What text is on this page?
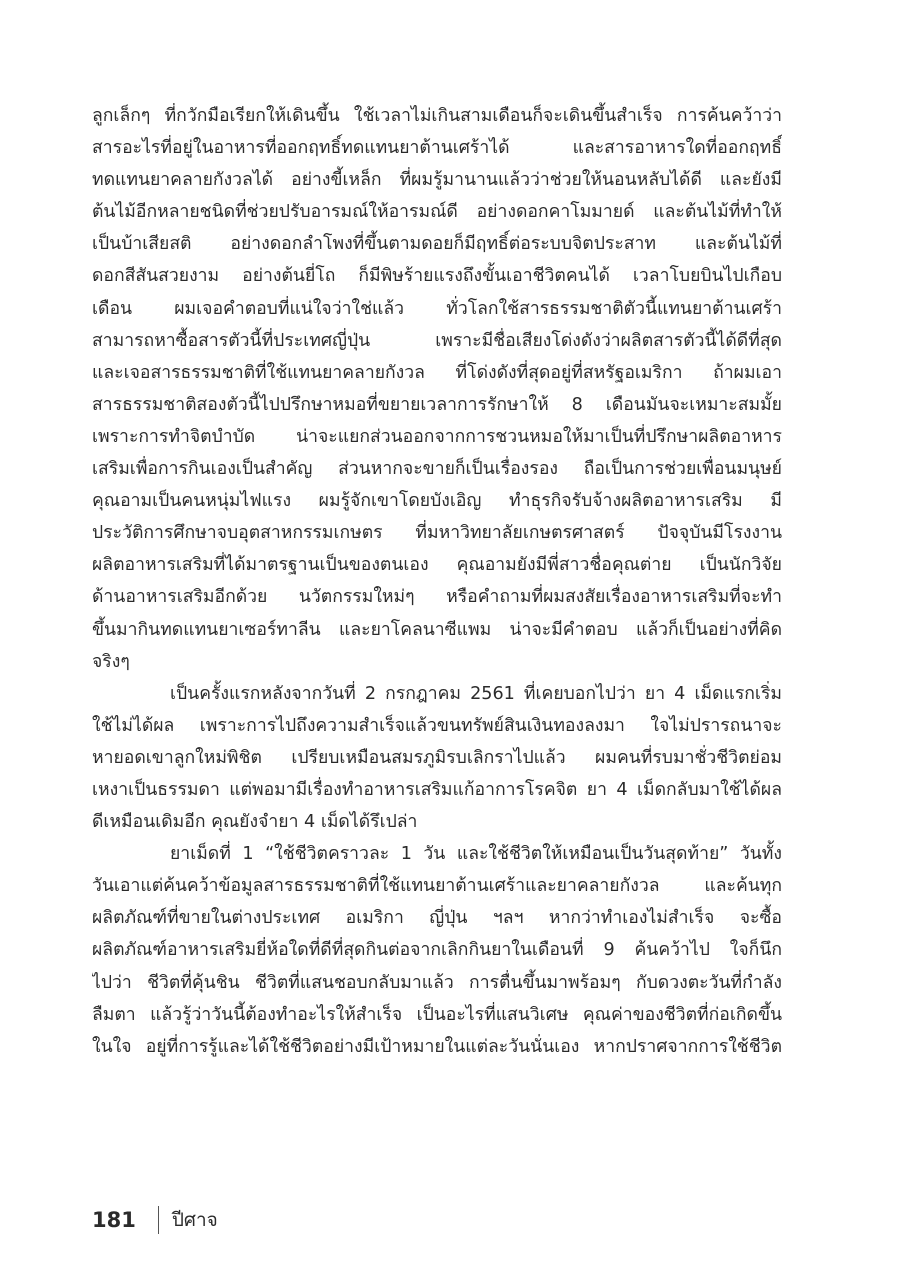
ลูกเล็กๆ ที่กวักมือเรียกให้เดินขึ้น ใช้เวลาไม่เกินสามเดือนก็จะเดินขึ้นสำเร็จ การค้นคว้าว่า
สารอะไรที่อยู่ในอาหารที่ออกฤทธิ์ทดแทนยาต้านเศร้าได้ และสารอาหารใดที่ออกฤทธิ์
ทดแทนยาคลายกังวลได้ อย่างขี้เหล็ก ที่ผมรู้มานานแล้วว่าช่วยให้นอนหลับได้ดี และยังมี
ต้นไม้อีกหลายชนิดที่ช่วยปรับอารมณ์ให้อารมณ์ดี อย่างดอกคาโมมายด์ และต้นไม้ที่ทำให้
เป็นบ้าเสียสติ อย่างดอกลำโพงที่ขึ้นตามดอยก็มีฤทธิ์ต่อระบบจิตประสาท และต้นไม้ที่
ดอกสีสันสวยงาม อย่างต้นยี่โถ ก็มีพิษร้ายแรงถึงขั้นเอาชีวิตคนได้ เวลาโบยบินไปเกือบ
เดือน ผมเจอคำตอบที่แน่ใจว่าใช่แล้ว ทั่วโลกใช้สารธรรมชาติตัวนี้แทนยาต้านเศร้า
สามารถหาซื้อสารตัวนี้ที่ประเทศญี่ปุ่น เพราะมีชื่อเสียงโด่งดังว่าผลิตสารตัวนี้ได้ดีที่สุด
และเจอสารธรรมชาติที่ใช้แทนยาคลายกังวล ที่โด่งดังที่สุดอยู่ที่สหรัฐอเมริกา ถ้าผมเอา
สารธรรมชาติสองตัวนี้ไปปรึกษาหมอที่ขยายเวลาการรักษาให้ 8 เดือนมันจะเหมาะสมมั้ย
เพราะการทำจิตบำบัด น่าจะแยกส่วนออกจากการชวนหมอให้มาเป็นที่ปรึกษาผลิตอาหาร
เสริมเพื่อการกินเองเป็นสำคัญ ส่วนหากจะขายก็เป็นเรื่องรอง ถือเป็นการช่วยเพื่อนมนุษย์
คุณอามเป็นคนหนุ่มไฟแรง ผมรู้จักเขาโดยบังเอิญ ทำธุรกิจรับจ้างผลิตอาหารเสริม มี
ประวัติการศึกษาจบอุตสาหกรรมเกษตร ที่มหาวิทยาลัยเกษตรศาสตร์ ปัจจุบันมีโรงงาน
ผลิตอาหารเสริมที่ได้มาตรฐานเป็นของตนเอง คุณอามยังมีพี่สาวชื่อคุณต่าย เป็นนักวิจัย
ด้านอาหารเสริมอีกด้วย นวัตกรรมใหม่ๆ หรือคำถามที่ผมสงสัยเรื่องอาหารเสริมที่จะทำ
ขึ้นมากินทดแทนยาเซอร์ทาลีน และยาโคลนาซีแพม น่าจะมีคำตอบ แล้วก็เป็นอย่างที่คิด
จริงๆ
เป็นครั้งแรกหลังจากวันที่ 2 กรกฎาคม 2561 ที่เคยบอกไปว่า ยา 4 เม็ดแรกเริ่ม
ใช้ไม่ได้ผล เพราะการไปถึงความสำเร็จแล้วขนทรัพย์สินเงินทองลงมา ใจไม่ปรารถนาจะ
หายอดเขาลูกใหม่พิชิต เปรียบเหมือนสมรภูมิรบเลิกราไปแล้ว ผมคนที่รบมาชั่วชีวิตย่อม
เหงาเป็นธรรมดา แต่พอมามีเรื่องทำอาหารเสริมแก้อาการโรคจิต ยา 4 เม็ดกลับมาใช้ได้ผล
ดีเหมือนเดิมอีก คุณยังจำยา 4 เม็ดได้รึเปล่า
ยาเม็ดที่ 1 “ใช้ชีวิตคราวละ 1 วัน และใช้ชีวิตให้เหมือนเป็นวันสุดท้าย” วันทั้ง
วันเอาแต่ค้นคว้าข้อมูลสารธรรมชาติที่ใช้แทนยาต้านเศร้าและยาคลายกังวล และค้นทุก
ผลิตภัณฑ์ที่ขายในต่างประเทศ อเมริกา ญี่ปุ่น ฯลฯ หากว่าทำเองไม่สำเร็จ จะซื้อ
ผลิตภัณฑ์อาหารเสริมยี่ห้อใดที่ดีที่สุดกินต่อจากเลิกกินยาในเดือนที่ 9 ค้นคว้าไป ใจก็นึก
ไปว่า ชีวิตที่คุ้นชิน ชีวิตที่แสนชอบกลับมาแล้ว การตื่นขึ้นมาพร้อมๆ กับดวงตะวันที่กำลัง
ลืมตา แล้วรู้ว่าวันนี้ต้องทำอะไรให้สำเร็จ เป็นอะไรที่แสนวิเศษ คุณค่าของชีวิตที่ก่อเกิดขึ้น
ในใจ อยู่ที่การรู้และได้ใช้ชีวิตอย่างมีเป้าหมายในแต่ละวันนั่นเอง หากปราศจากการใช้ชีวิต
181 ปีศาจ
